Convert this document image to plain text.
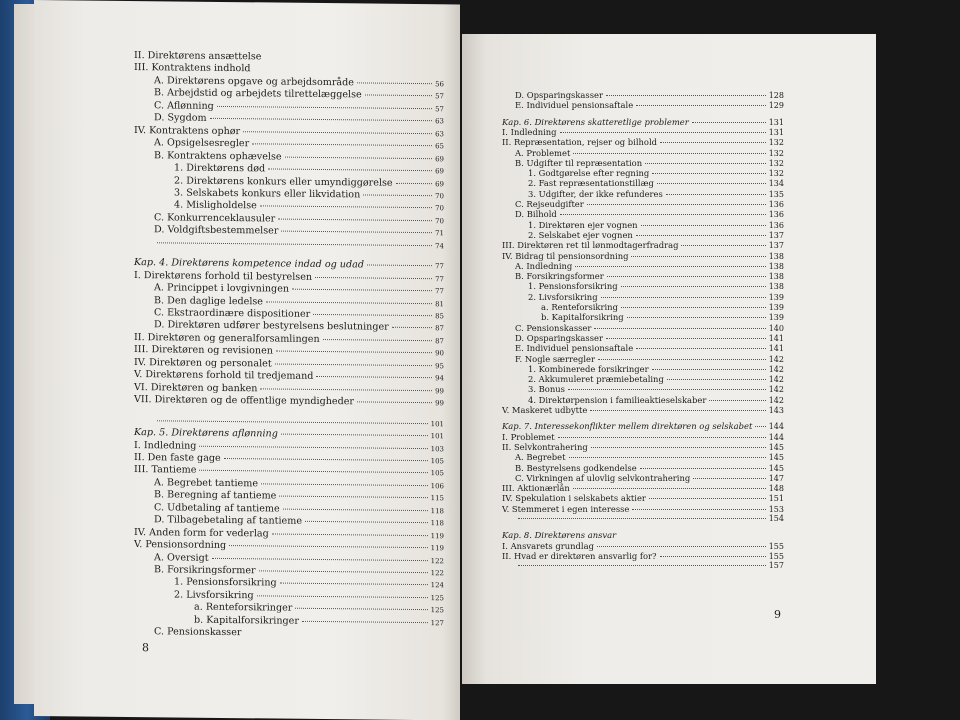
II. Direktørens ansættelse
III. Kontraktens indhold
A. Direktørens opgave og arbejdsområde	56
B. Arbejdstid og arbejdets tilrettelæggelse	57
C. Aflønning	57
D. Sygdom	63
IV. Kontraktens ophør	63
A. Opsigelsesregler	65
B. Kontraktens ophævelse	69
1. Direktørens død	69
2. Direktørens konkurs eller umyndiggørelse	69
3. Selskabets konkurs eller likvidation	70
4. Misligholdelse	70
C. Konkurrenceklausuler	70
D. Voldgiftsbestemmelser	71
74
Kap. 4. Direktørens kompetence indad og udad	77
I. Direktørens forhold til bestyrelsen	77
A. Princippet i lovgivningen	77
B. Den daglige ledelse	81
C. Ekstraordinære dispositioner	85
D. Direktøren udfører bestyrelsens beslutninger	87
II. Direktøren og generalforsamlingen	87
III. Direktøren og revisionen	90
IV. Direktøren og personalet	95
V. Direktørens forhold til tredjemand	94
VI. Direktøren og banken	99
VII. Direktøren og de offentlige myndigheder	99
101
Kap. 5. Direktørens aflønning	101
I. Indledning	103
II. Den faste gage	105
III. Tantieme	105
A. Begrebet tantieme	106
B. Beregning af tantieme	115
C. Udbetaling af tantieme	118
D. Tilbagebetaling af tantieme	118
IV. Anden form for vederlag	119
V. Pensionsordning	119
A. Oversigt	122
B. Forsikringsformer	122
1. Pensionsforsikring	124
2. Livsforsikring	125
a. Renteforsikringer	125
b. Kapitalforsikringer	127
C. Pensionskasser
8
D. Opsparingskasser	128
E. Individuel pensionsaftale	129
Kap. 6. Direktørens skatteretlige problemer	131
I. Indledning	131
II. Repræsentation, rejser og bilhold	132
A. Problemet	132
B. Udgifter til repræsentation	132
1. Godtgørelse efter regning	132
2. Fast repræsentationstillæg	134
3. Udgifter, der ikke refunderes	135
C. Rejseudgifter	136
D. Bilhold	136
1. Direktøren ejer vognen	136
2. Selskabet ejer vognen	137
III. Direktøren ret til lønmodtagerfradrag	137
IV. Bidrag til pensionsordning	138
A. Indledning	138
B. Forsikringsformer	138
1. Pensionsforsikring	138
2. Livsforsikring	139
a. Renteforsikring	139
b. Kapitalforsikring	139
C. Pensionskasser	140
D. Opsparingskasser	141
E. Individuel pensionsaftale	141
F. Nogle særregler	142
1. Kombinerede forsikringer	142
2. Akkumuleret præmiebetaling	142
3. Bonus	142
4. Direktørpension i familieaktieselskaber	142
V. Maskeret udbytte	143
Kap. 7. Interessekonflikter mellem direktøren og selskabet 144
I. Problemet	144
II. Selvkontrahering	145
A. Begrebet	145
B. Bestyrelsens godkendelse	145
C. Virkningen af ulovlig selvkontrahering	147
III. Aktionærlån	148
IV. Spekulation i selskabets aktier	151
V. Stemmeret i egen interesse	153
154
Kap. 8. Direktørens ansvar
I. Ansvarets grundlag	155
II. Hvad er direktøren ansvarlig for?	155
157
9
